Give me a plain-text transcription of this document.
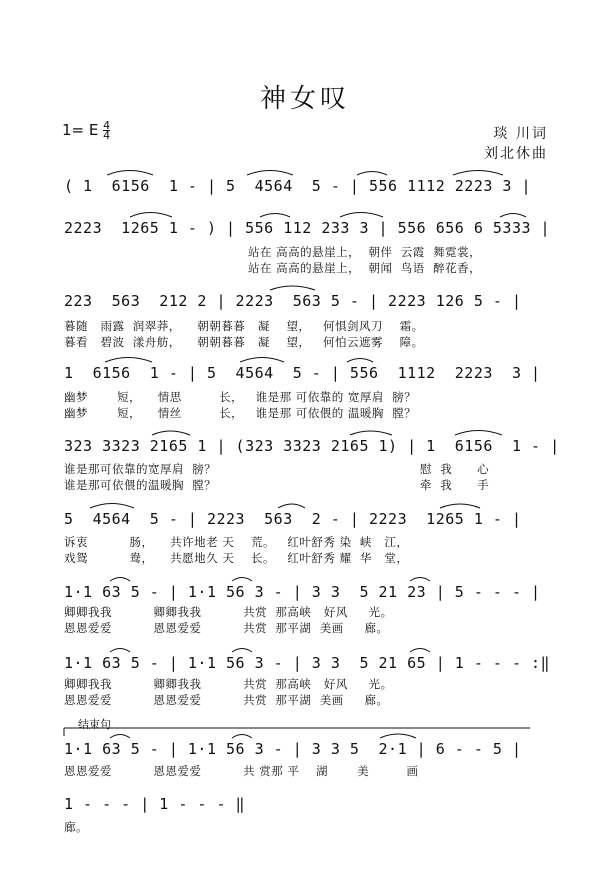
神女叹
1= E $\frac{4}{4}$	琰 川词
刘北休曲
( 1  6156  1 - | 5  4564  5 - | 556 1112 2223 3 |
2223  1265 1 - ) | 556 112 233 3 | 556 656 6 5333 |
站在 高高的悬崖上，  朝伴  云霞  舞霓裳，
站在 高高的悬崖上，  朝闻  鸟语  醉花香，
223  563  212 2 | 2223  563 5 - | 2223 126 5 - |
暮随   雨露  润翠莽，    朝朝暮暮   凝    望，   何惧剑风刀    霜。
暮看   碧波  漾舟舫，    朝朝暮暮   凝    望，   何怕云遮雾    障。
1  6156  1 - | 5  4564  5 - | 556  1112  2223  3 |
幽梦       短，    情思         长，   谁是那 可依靠的 宽厚肩  膀？
幽梦       短，    情丝         长，   谁是那 可依偎的 温暖胸  膛？
323 3323 2165 1 | (323 3323 2165 1) | 1  6156  1 - |
谁是那可依靠的宽厚肩  膀？                                                 慰  我      心
谁是那可依偎的温暖胸  膛？                                                 牵  我      手
5  4564  5 - | 2223  563  2 - | 2223  1265 1 - |
诉衷          肠，    共许地老 天    荒。   红叶舒秀 染  峡   江，
戏鸳          鸯，    共愿地久 天    长。   红叶舒秀 耀  华   堂，
1·1 63 5 - | 1·1 56 3 - | 3 3  5 21 23 | 5 - - - |
卿卿我我          卿卿我我          共赏  那高峡   好风     光。
恩恩爱爱          恩恩爱爱          共赏  那平湖  美画     廊。
1·1 63 5 - | 1·1 56 3 - | 3 3  5 21 65 | 1 - - - :‖
卿卿我我          卿卿我我          共赏  那高峡   好风     光。
恩恩爱爱          恩恩爱爱          共赏  那平湖  美画     廊。
结束句
1·1 63 5 - | 1·1 56 3 - | 3 3 5  2·1 | 6 - - 5 |
恩恩爱爱          恩恩爱爱          共 赏那 平    湖       美         画
1 - - - | 1 - - - ‖
廊。
